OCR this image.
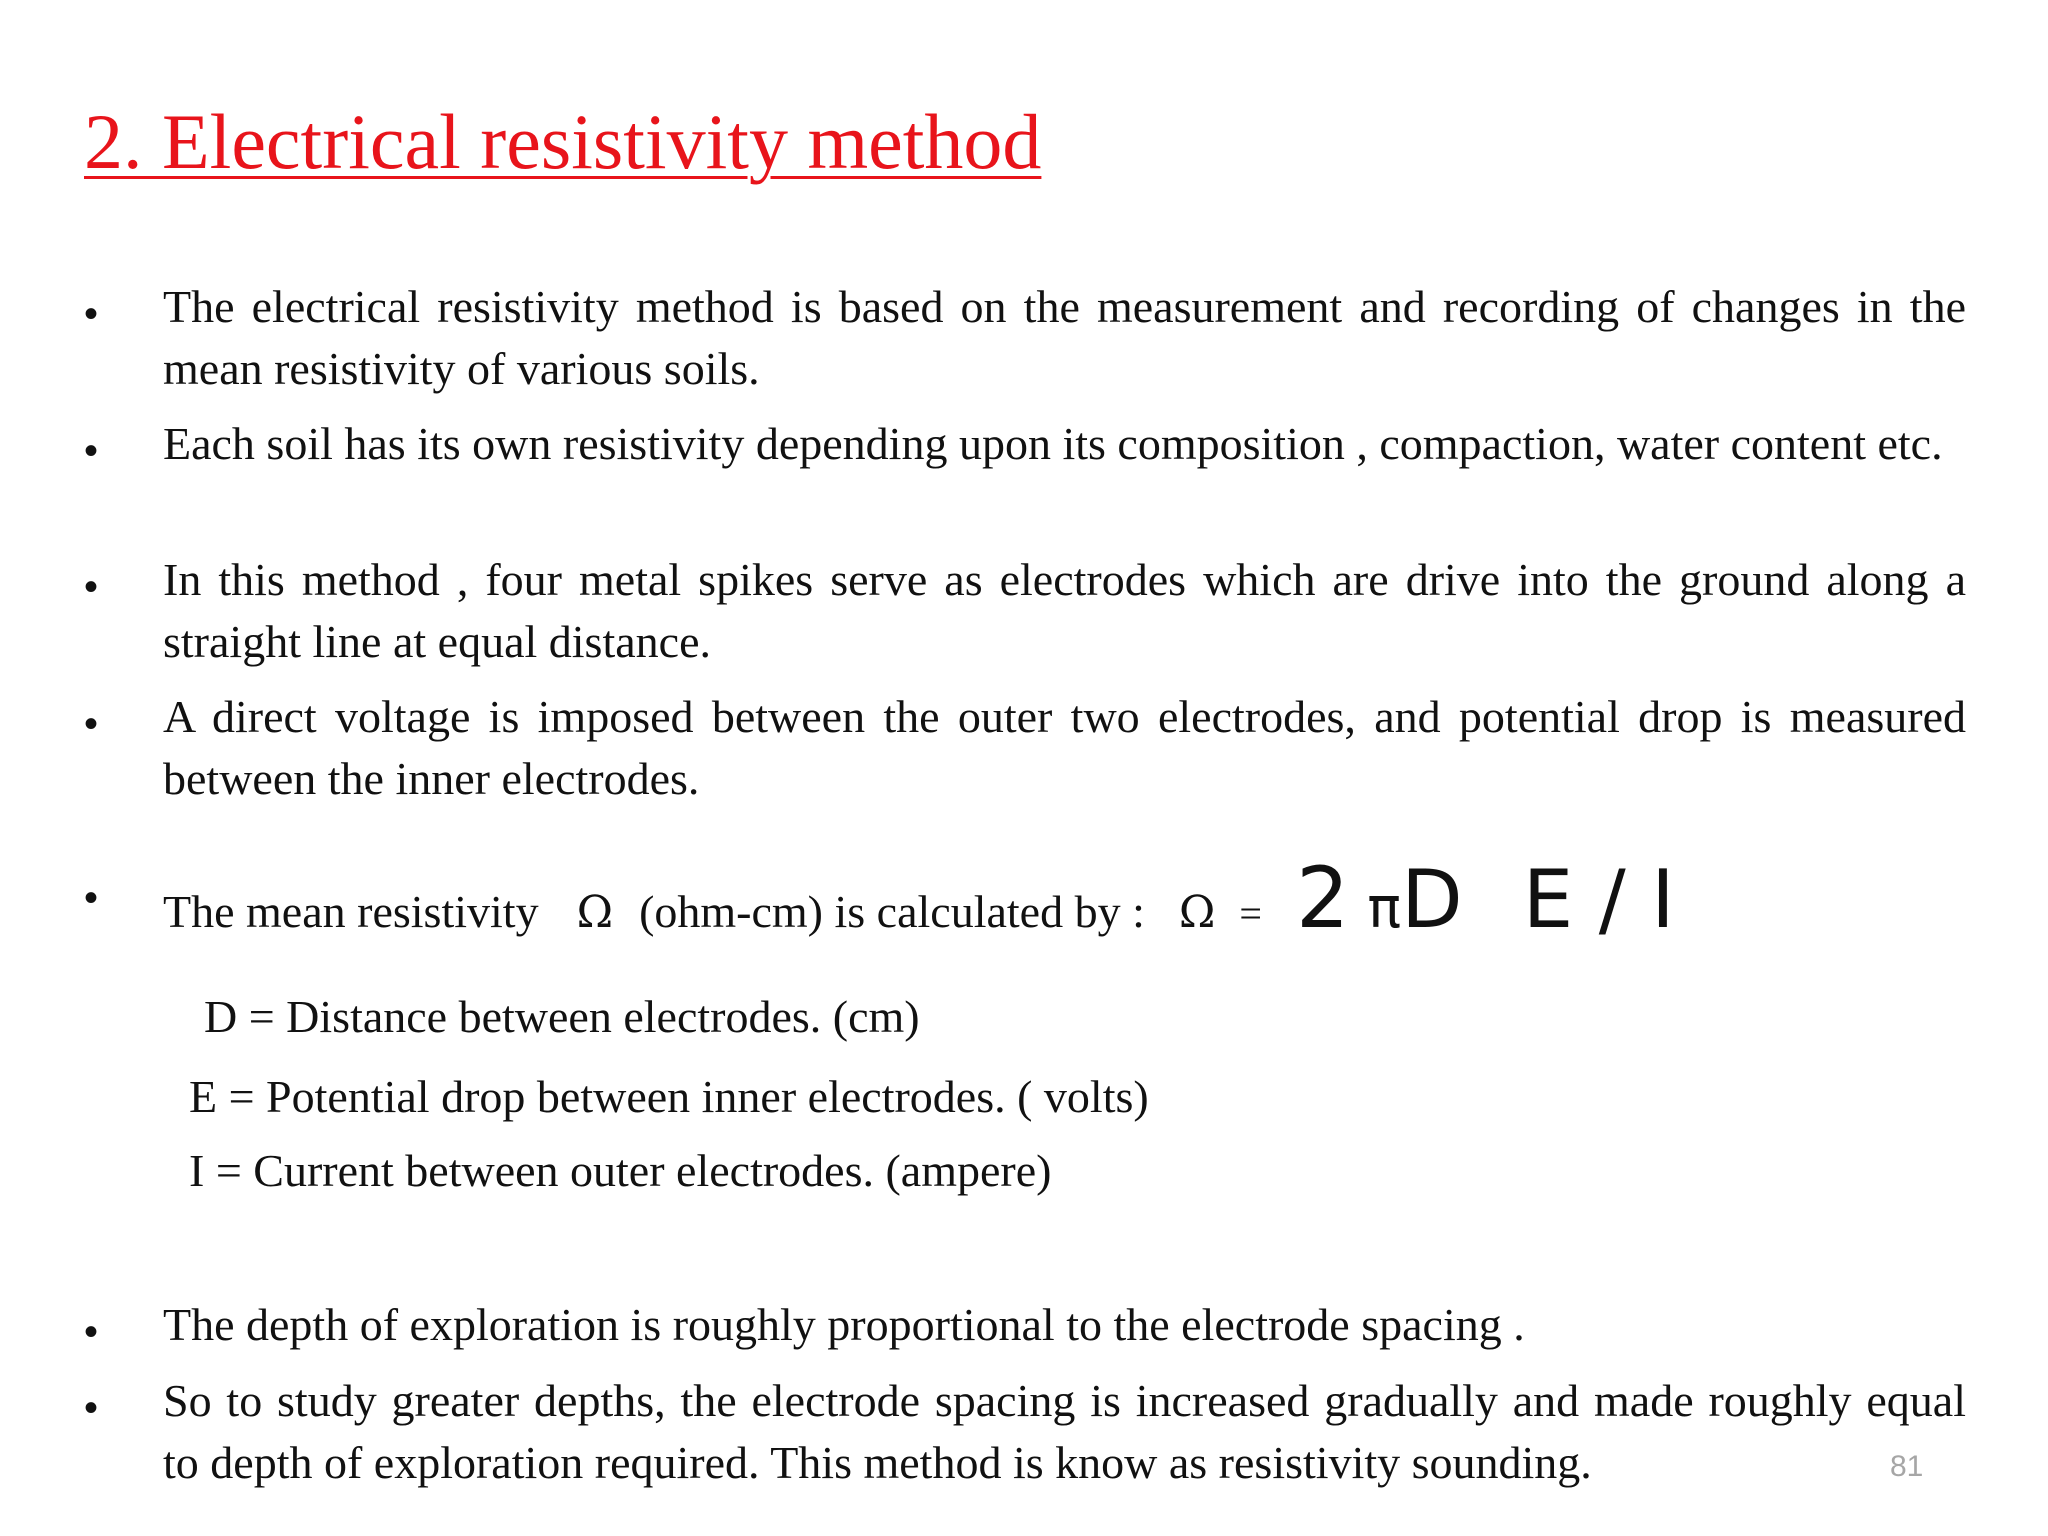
2. Electrical resistivity method
The electrical resistivity method is based on the measurement and recording of changes in the mean resistivity of various soils.
Each soil has its own resistivity depending upon its composition , compaction, water content etc.
In this method , four metal spikes serve as electrodes which are drive into the ground along a straight line at equal distance.
A direct voltage is imposed between the outer two electrodes, and potential drop is measured between the inner electrodes.
The mean resistivity Ω (ohm-cm) is calculated by : Ω = 2 πD E / I
D = Distance between electrodes. (cm)
E = Potential drop between inner electrodes. ( volts)
I = Current between outer electrodes. (ampere)
The depth of exploration is roughly proportional to the electrode spacing .
So to study greater depths, the electrode spacing is increased gradually and made roughly equal to depth of exploration required. This method is know as resistivity sounding.	81
